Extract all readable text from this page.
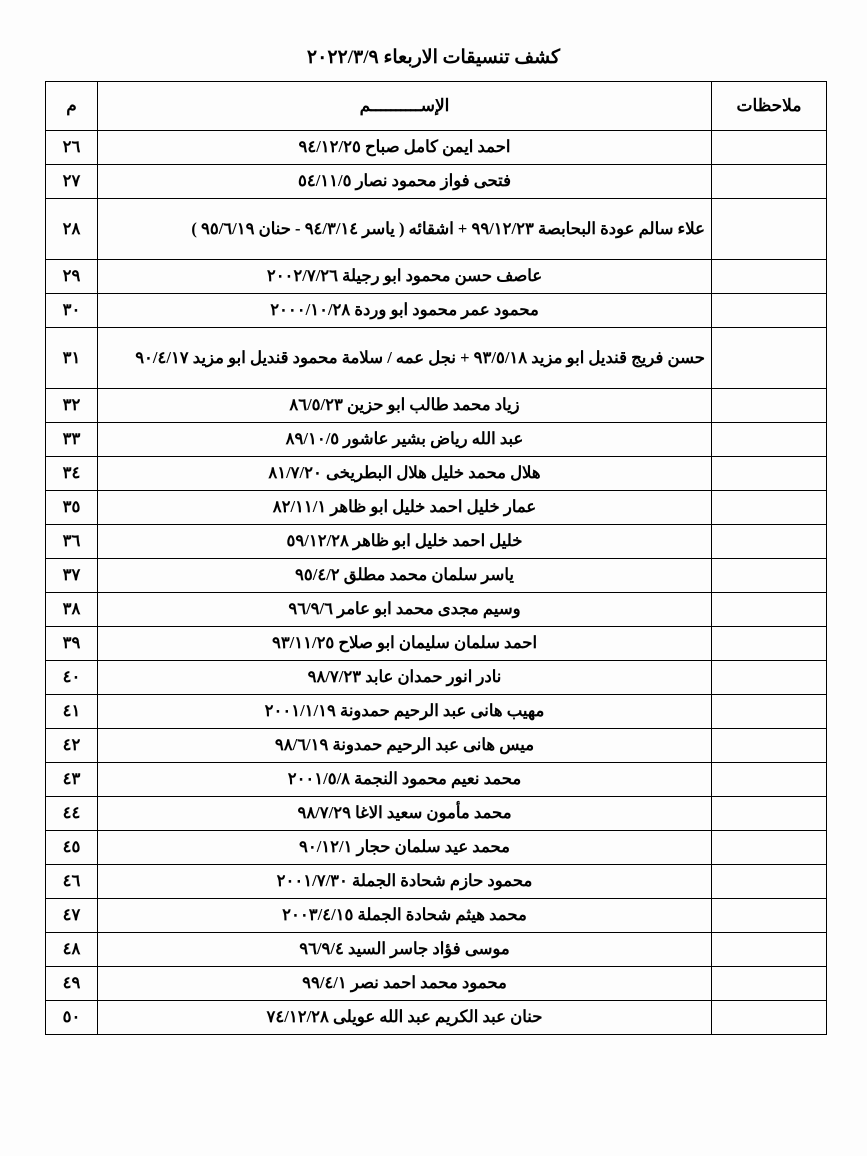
كشف تنسيقات الاربعاء ٢٠٢٢/٣/٩
ملاحظات	الإســــــــــم	م
	احمد ايمن كامل صباح ٩٤/١٢/٢٥	٢٦
	فتحى فواز محمود نصار ٥٤/١١/٥	٢٧
	علاء سالم عودة البحابصة ٩٩/١٢/٢٣ + اشقائه ( ياسر ٩٤/٣/١٤ - حنان ٩٥/٦/١٩ )	٢٨
	عاصف حسن محمود ابو رجيلة ٢٠٠٢/٧/٢٦	٢٩
	محمود عمر محمود ابو وردة ٢٠٠٠/١٠/٢٨	٣٠
	حسن فريج قنديل ابو مزيد ٩٣/٥/١٨ + نجل عمه / سلامة محمود قنديل ابو مزيد ٩٠/٤/١٧	٣١
	زياد محمد طالب ابو حزين ٨٦/٥/٢٣	٣٢
	عبد الله رياض بشير عاشور ٨٩/١٠/٥	٣٣
	هلال محمد خليل هلال البطريخى ٨١/٧/٢٠	٣٤
	عمار خليل احمد خليل ابو ظاهر ٨٢/١١/١	٣٥
	خليل احمد خليل ابو ظاهر ٥٩/١٢/٢٨	٣٦
	ياسر سلمان محمد مطلق ٩٥/٤/٢	٣٧
	وسيم مجدى محمد ابو عامر ٩٦/٩/٦	٣٨
	احمد سلمان سليمان ابو صلاح ٩٣/١١/٢٥	٣٩
	نادر انور حمدان عابد ٩٨/٧/٢٣	٤٠
	مهيب هانى عبد الرحيم حمدونة ٢٠٠١/١/١٩	٤١
	ميس هانى عبد الرحيم حمدونة ٩٨/٦/١٩	٤٢
	محمد نعيم محمود النجمة ٢٠٠١/٥/٨	٤٣
	محمد مأمون سعيد الاغا ٩٨/٧/٢٩	٤٤
	محمد عيد سلمان حجار ٩٠/١٢/١	٤٥
	محمود حازم شحادة الجملة ٢٠٠١/٧/٣٠	٤٦
	محمد هيثم شحادة الجملة ٢٠٠٣/٤/١٥	٤٧
	موسى فؤاد جاسر السيد ٩٦/٩/٤	٤٨
	محمود محمد احمد نصر ٩٩/٤/١	٤٩
	حنان عبد الكريم عبد الله عويلى ٧٤/١٢/٢٨	٥٠
